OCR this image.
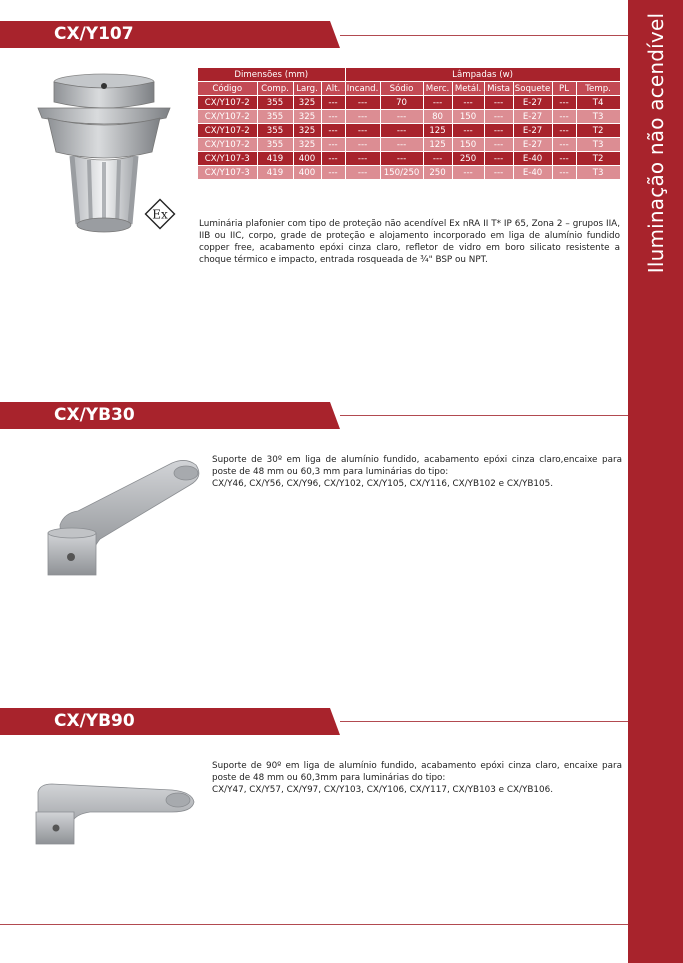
Iluminação não acendível
CX/Y107
Ex
Dimensões (mm)				Lâmpadas (w)							
Código	Comp.	Larg.	Alt.	Incand.	Sódio	Merc.	Metál.	Mista	Soquete	PL	Temp.
CX/Y107-2	355	325	---	---	70	---	---	---	E-27	---	T4
CX/Y107-2	355	325	---	---	---	80	150	---	E-27	---	T3
CX/Y107-2	355	325	---	---	---	125	---	---	E-27	---	T2
CX/Y107-2	355	325	---	---	---	125	150	---	E-27	---	T3
CX/Y107-3	419	400	---	---	---	---	250	---	E-40	---	T2
CX/Y107-3	419	400	---	---	150/250	250	---	---	E-40	---	T3

Luminária plafonier com tipo de proteção não acendível Ex nRA II T* IP 65, Zona 2 – grupos IIA, IIB ou IIC, corpo, grade de proteção e alojamento incorporado em liga de alumínio fundido copper free, acabamento epóxi cinza claro, refletor de vidro em boro silicato resistente a choque térmico e impacto, entrada rosqueada de ¾" BSP ou NPT.

CX/YB30

Suporte de 30º em liga de alumínio fundido, acabamento epóxi cinza claro,encaixe para poste de 48 mm ou 60,3 mm para luminárias do tipo:

CX/Y46, CX/Y56, CX/Y96, CX/Y102, CX/Y105, CX/Y116, CX/YB102 e CX/YB105.

CX/YB90

Suporte de 90º em liga de alumínio fundido, acabamento epóxi cinza claro, encaixe para poste de 48 mm ou 60,3mm para luminárias do tipo:

CX/Y47, CX/Y57, CX/Y97, CX/Y103, CX/Y106, CX/Y117, CX/YB103 e CX/YB106.
